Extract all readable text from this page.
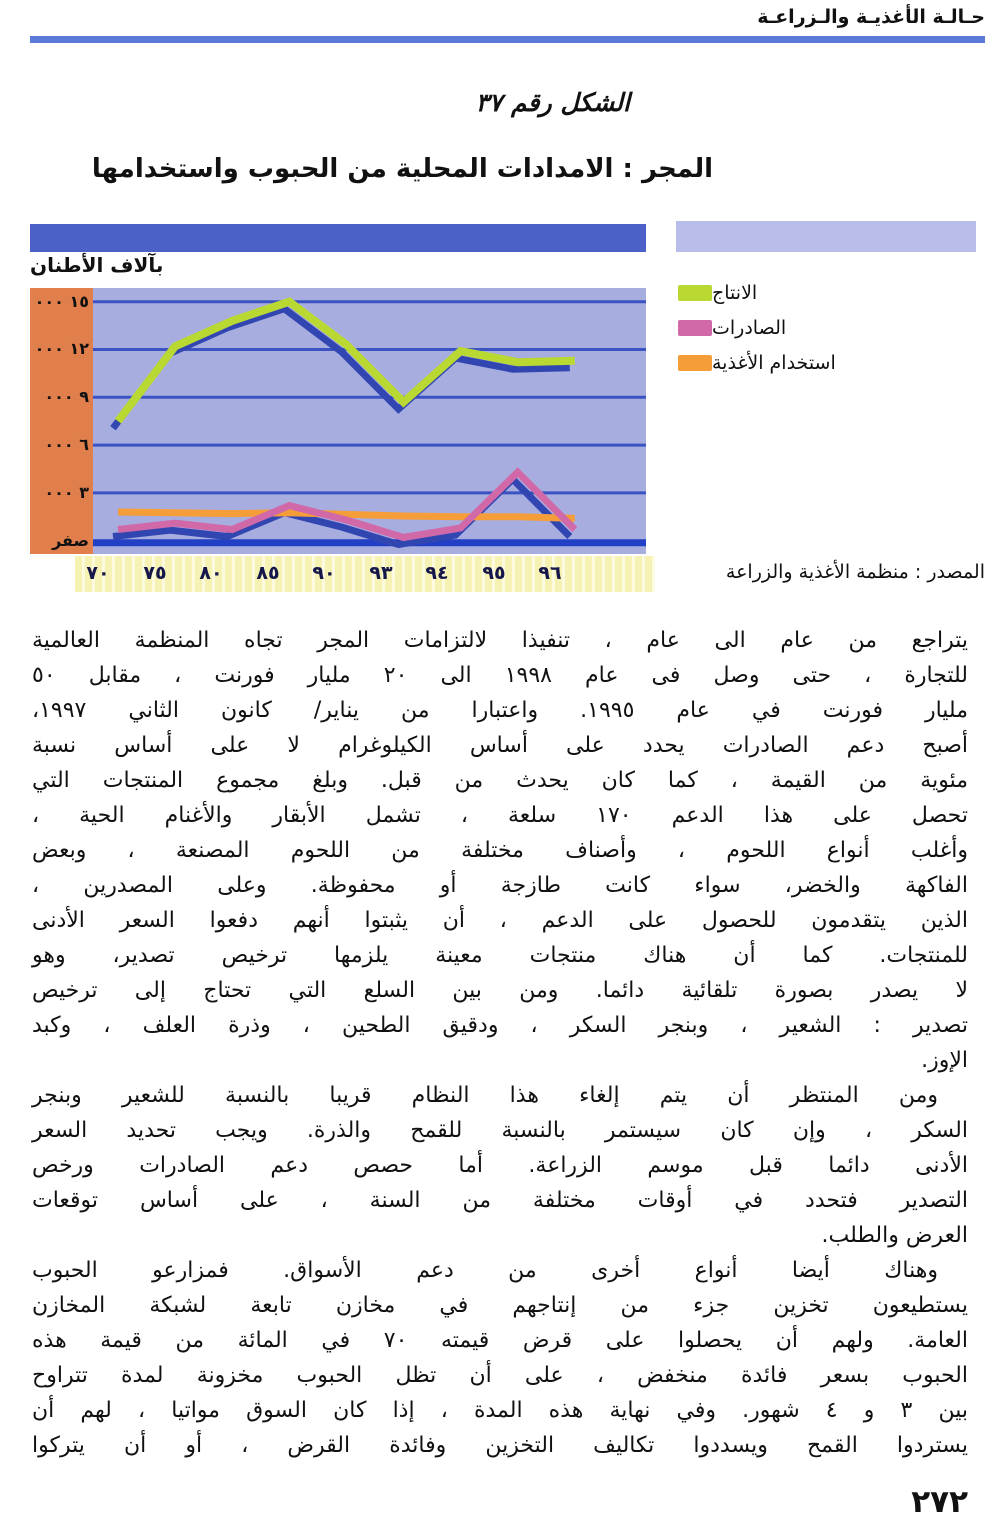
حـالـة الأغذيـة والـزراعـة
الشكل رقم ٣٧
المجر : الامدادات المحلية من الحبوب واستخدامها
بآلاف الأطنان
١٥ ٠٠٠
١٢ ٠٠٠
٩ ٠٠٠
٦ ٠٠٠
٣ ٠٠٠
صفر
٧٠	٧٥	٨٠	٨٥	٩٠	٩٣	٩٤	٩٥	٩٦
الانتاج
الصادرات
استخدام الأغذية
المصدر : منظمة الأغذية والزراعة
يتراجع من عام الى عام ، تنفيذا لالتزامات المجر تجاه المنظمة العالمية
للتجارة ، حتى وصل فى عام ١٩٩٨ الى ٢٠ مليار فورنت ، مقابل ٥٠
مليار فورنت في عام ١٩٩٥. واعتبارا من يناير/ كانون الثاني ١٩٩٧،
أصبح دعم الصادرات يحدد على أساس الكيلوغرام لا على أساس نسبة
مئوية من القيمة ، كما كان يحدث من قبل. وبلغ مجموع المنتجات التي
تحصل على هذا الدعم ١٧٠ سلعة ، تشمل الأبقار والأغنام الحية ،
وأغلب أنواع اللحوم ، وأصناف مختلفة من اللحوم المصنعة ، وبعض
الفاكهة والخضر، سواء كانت طازجة أو محفوظة. وعلى المصدرين ،
الذين يتقدمون للحصول على الدعم ، أن يثبتوا أنهم دفعوا السعر الأدنى
للمنتجات. كما أن هناك منتجات معينة يلزمها ترخيص تصدير، وهو
لا يصدر بصورة تلقائية دائما. ومن بين السلع التي تحتاج إلى ترخيص
تصدير : الشعير ، وبنجر السكر ، ودقيق الطحين ، وذرة العلف ، وكبد
الإوز.
ومن المنتظر أن يتم إلغاء هذا النظام قريبا بالنسبة للشعير وبنجر
السكر ، وإن كان سيستمر بالنسبة للقمح والذرة. ويجب تحديد السعر
الأدنى دائما قبل موسم الزراعة. أما حصص دعم الصادرات ورخص
التصدير فتحدد في أوقات مختلفة من السنة ، على أساس توقعات
العرض والطلب.
وهناك أيضا أنواع أخرى من دعم الأسواق. فمزارعو الحبوب
يستطيعون تخزين جزء من إنتاجهم في مخازن تابعة لشبكة المخازن
العامة. ولهم أن يحصلوا على قرض قيمته ٧٠ في المائة من قيمة هذه
الحبوب بسعر فائدة منخفض ، على أن تظل الحبوب مخزونة لمدة تتراوح
بين ٣ و ٤ شهور. وفي نهاية هذه المدة ، إذا كان السوق مواتيا ، لهم أن
يستردوا القمح ويسددوا تكاليف التخزين وفائدة القرض ، أو أن يتركوا
٢٧٢
